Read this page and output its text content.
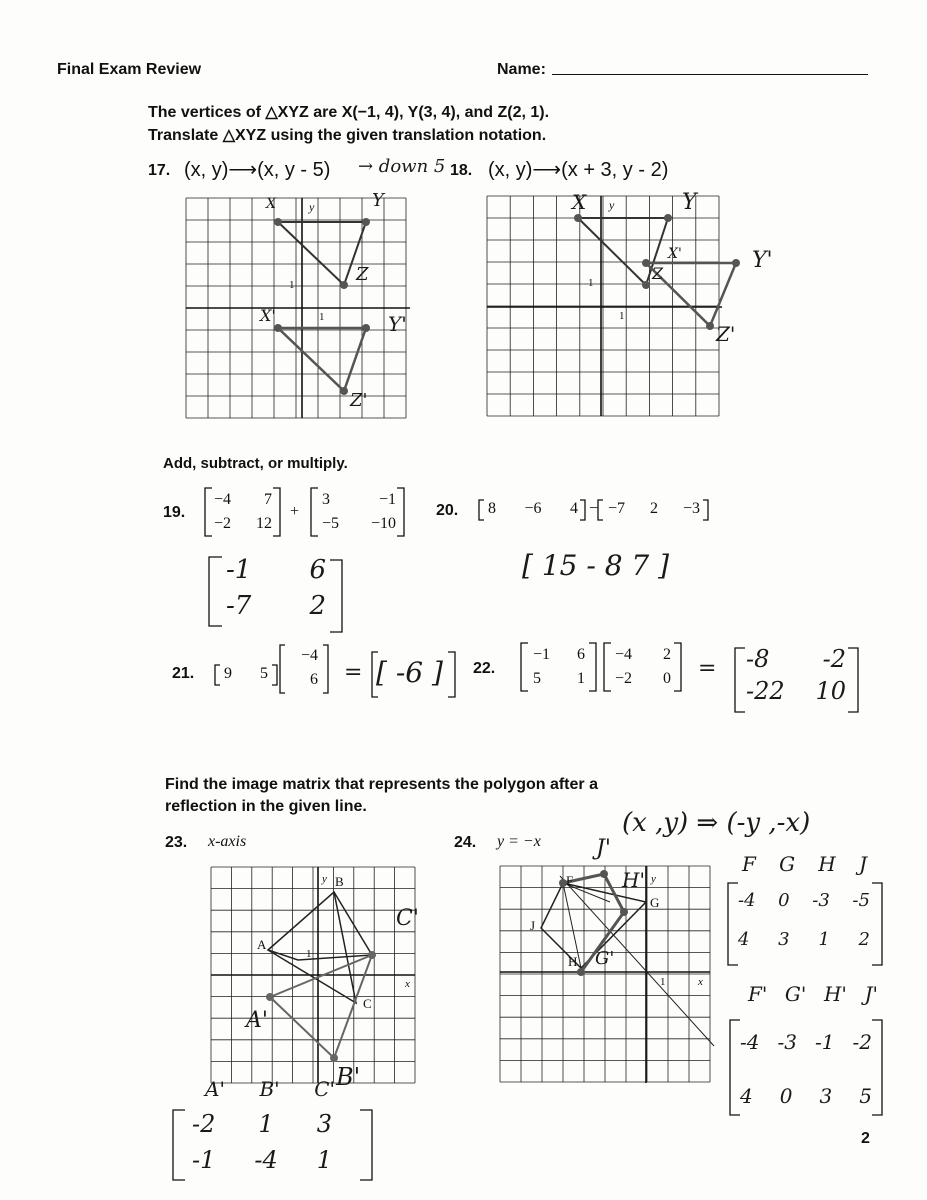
Final Exam Review	Name:
The vertices of △XYZ are X(−1, 4), Y(3, 4), and Z(2, 1).
Translate △XYZ using the given translation notation.
17. (x, y)⟶(x, y - 5) → down 5 18. (x, y)⟶(x + 3, y - 2)
X	y	Y
Z
1
1
X'	Y'
Z'
X y	Y
Z
X'	Y'
Z'
1
1
Add, subtract, or multiply.
19.
−4 7
−2 12
+
3	−1
−5 −10
-1 6
-7 2
20. 8 −6 4 − −7 2 −3
[ 15 - 8 7 ]
21. 9 5
−4
6 = [ -6 ] 22.
−1 6
5 1
−4 2
−2 0 = -8 -2
-22 10
Find the image matrix that represents the polygon after a
reflection in the given line.
23. x-axis	24. y = −x
(x ,y) ⇒ (-y ,-x)
y B
A
1
C
x
A'
C'
B'
A' B' C'
-2 1 3
-1 -4 1
F	y
G
J
H
1	x
H'
G'
J'
F G H J
-4 0 -3 -5
4 3 1 2
F' G' H' J'
-4 -3 -1 -2
4 0 3 5
2
